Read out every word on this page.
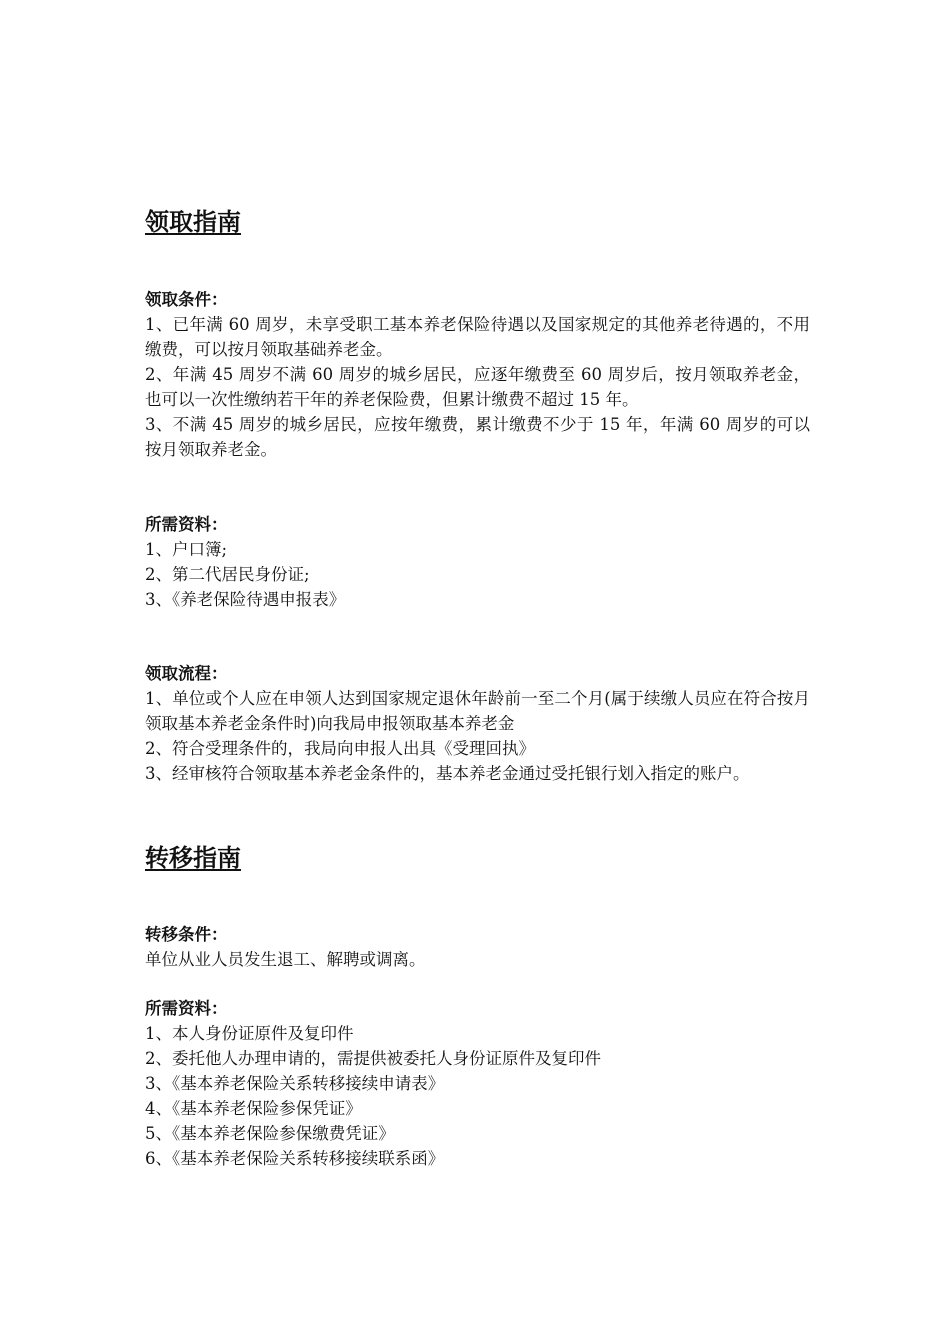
领取指南
领取条件：

1、已年满 60 周岁，未享受职工基本养老保险待遇以及国家规定的其他养老待遇的，不用缴费，可以按月领取基础养老金。

2、年满 45 周岁不满 60 周岁的城乡居民，应逐年缴费至 60 周岁后，按月领取养老金，也可以一次性缴纳若干年的养老保险费，但累计缴费不超过 15 年。

3、不满 45 周岁的城乡居民，应按年缴费，累计缴费不少于 15 年，年满 60 周岁的可以按月领取养老金。

所需资料：

1、户口簿;

2、第二代居民身份证;

3、《养老保险待遇申报表》

领取流程：

1、单位或个人应在申领人达到国家规定退休年龄前一至二个月(属于续缴人员应在符合按月领取基本养老金条件时)向我局申报领取基本养老金

2、符合受理条件的，我局向申报人出具《受理回执》

3、经审核符合领取基本养老金条件的，基本养老金通过受托银行划入指定的账户。

转移指南
转移条件：

单位从业人员发生退工、解聘或调离。

所需资料：

1、本人身份证原件及复印件

2、委托他人办理申请的，需提供被委托人身份证原件及复印件

3、《基本养老保险关系转移接续申请表》

4、《基本养老保险参保凭证》

5、《基本养老保险参保缴费凭证》

6、《基本养老保险关系转移接续联系函》
